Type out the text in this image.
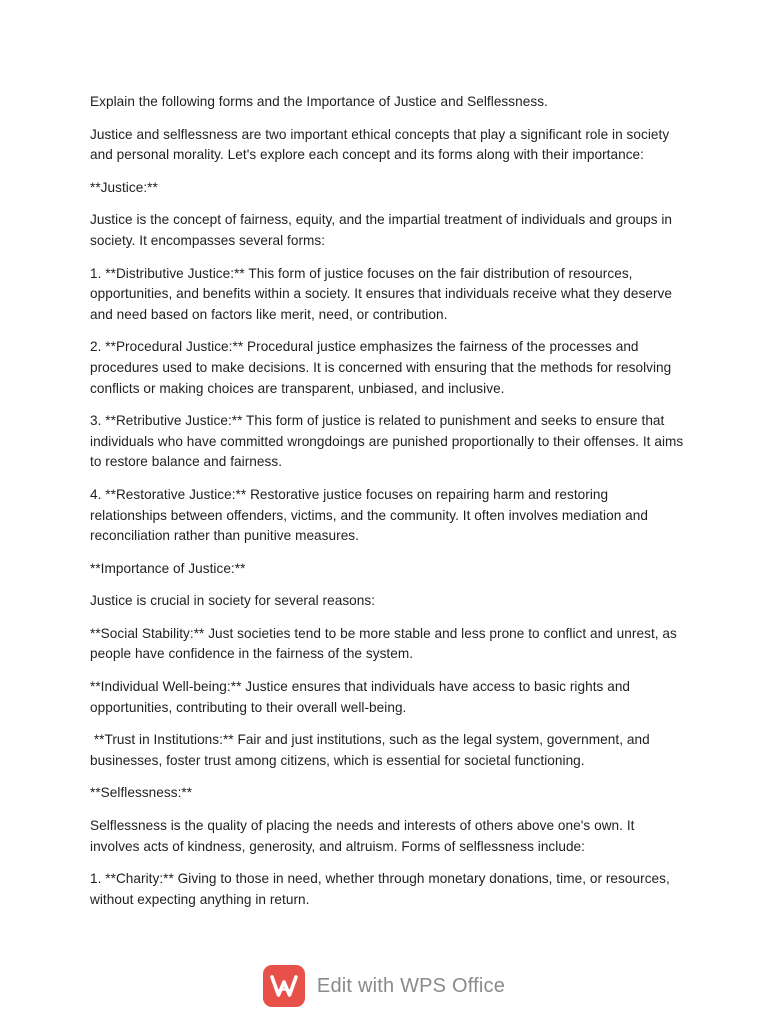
Explain the following forms and the Importance of Justice and Selflessness.

Justice and selflessness are two important ethical concepts that play a significant role in society and personal morality. Let's explore each concept and its forms along with their importance:

**Justice:**

Justice is the concept of fairness, equity, and the impartial treatment of individuals and groups in society. It encompasses several forms:

1. **Distributive Justice:** This form of justice focuses on the fair distribution of resources, opportunities, and benefits within a society. It ensures that individuals receive what they deserve and need based on factors like merit, need, or contribution.

2. **Procedural Justice:** Procedural justice emphasizes the fairness of the processes and procedures used to make decisions. It is concerned with ensuring that the methods for resolving conflicts or making choices are transparent, unbiased, and inclusive.

3. **Retributive Justice:** This form of justice is related to punishment and seeks to ensure that individuals who have committed wrongdoings are punished proportionally to their offenses. It aims to restore balance and fairness.

4. **Restorative Justice:** Restorative justice focuses on repairing harm and restoring relationships between offenders, victims, and the community. It often involves mediation and reconciliation rather than punitive measures.

**Importance of Justice:**

Justice is crucial in society for several reasons:

**Social Stability:** Just societies tend to be more stable and less prone to conflict and unrest, as people have confidence in the fairness of the system.

**Individual Well-being:** Justice ensures that individuals have access to basic rights and opportunities, contributing to their overall well-being.

**Trust in Institutions:** Fair and just institutions, such as the legal system, government, and businesses, foster trust among citizens, which is essential for societal functioning.

**Selflessness:**

Selflessness is the quality of placing the needs and interests of others above one's own. It involves acts of kindness, generosity, and altruism. Forms of selflessness include:

1. **Charity:** Giving to those in need, whether through monetary donations, time, or resources, without expecting anything in return.

Edit with WPS Office
